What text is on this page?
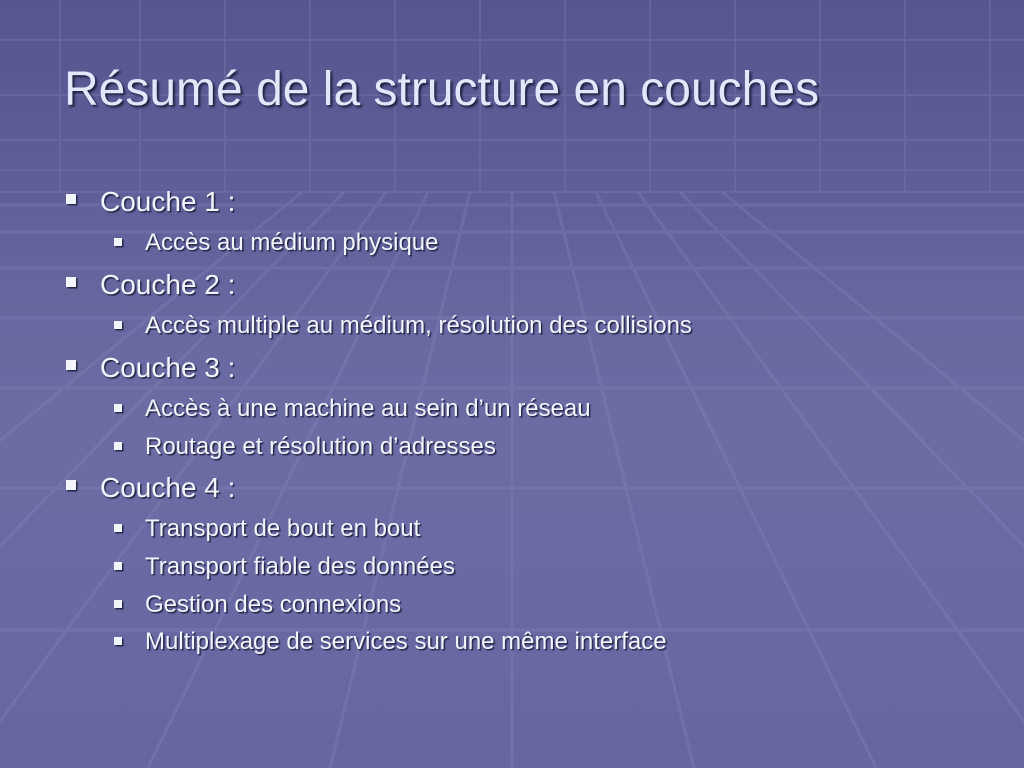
Résumé de la structure en couches
Couche 1 :
Accès au médium physique
Couche 2 :
Accès multiple au médium, résolution des collisions
Couche 3 :
Accès à une machine au sein d’un réseau
Routage et résolution d’adresses
Couche 4 :
Transport de bout en bout
Transport fiable des données
Gestion des connexions
Multiplexage de services sur une même interface
